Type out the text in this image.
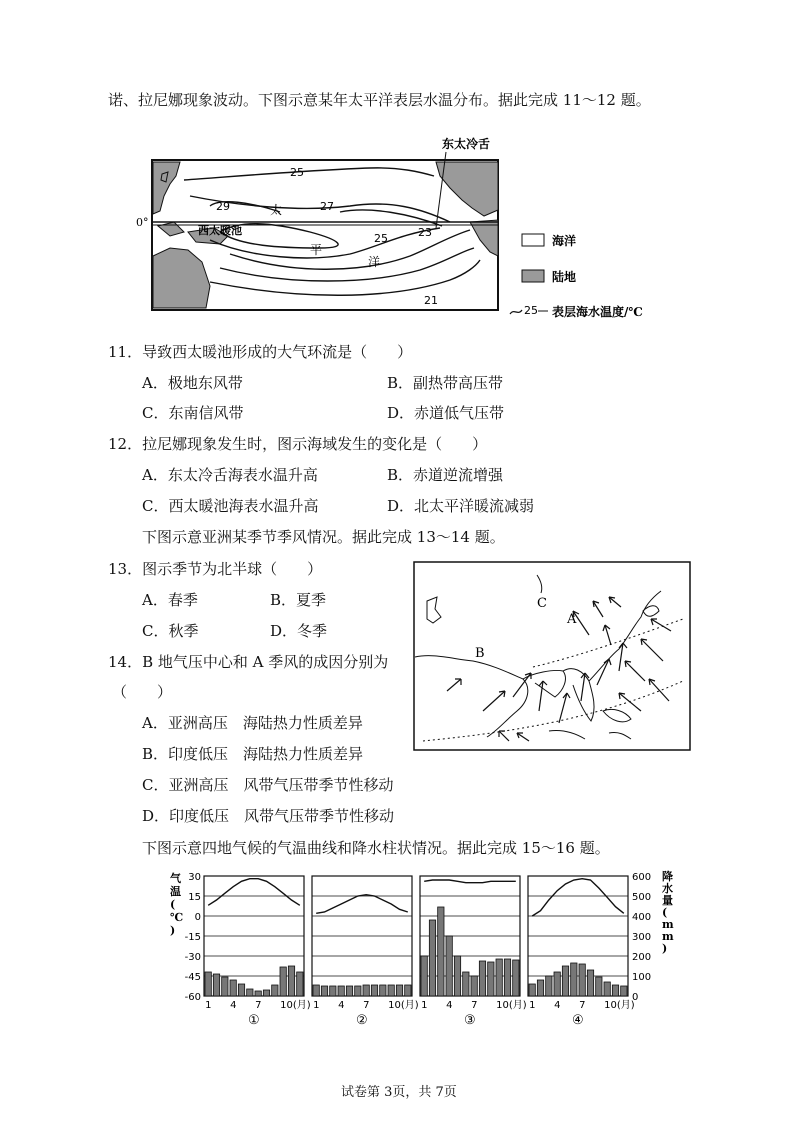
诺、拉尼娜现象波动。下图示意某年太平洋表层水温分布。据此完成 11～12 题。
东太冷舌
0°
西太暖池
太
平
洋
25
27
29
25	23
21
海洋
陆地
25 表层海水温度/℃
11．导致西太暖池形成的大气环流是（　　）
A．极地东风带	B．副热带高压带
C．东南信风带	D．赤道低气压带
12．拉尼娜现象发生时，图示海域发生的变化是（　　）
A．东太冷舌海表水温升高	B．赤道逆流增强
C．西太暖池海表水温升高	D．北太平洋暖流减弱
下图示意亚洲某季节季风情况。据此完成 13～14 题。
13．图示季节为北半球（　　）
A．春季	B．夏季
C．秋季	D．冬季
14．B 地气压中心和 A 季风的成因分别为
（　　）
A．亚洲高压　海陆热力性质差异
B．印度低压　海陆热力性质差异
C．亚洲高压　风带气压带季节性移动
D．印度低压　风带气压带季节性移动
B
A
C
下图示意四地气候的气温曲线和降水柱状情况。据此完成 15～16 题。
气
温
(
℃
)
30
15
0
-15
-30
-45
-60
降
水
量
(
m
m
)
600
500
400
300
200
100
0
1 4 7 10(月)
①
1 4 7 10(月)
②
1 4 7 10(月)
③
1 4 7 10(月)
④
试卷第 3页，共 7页
